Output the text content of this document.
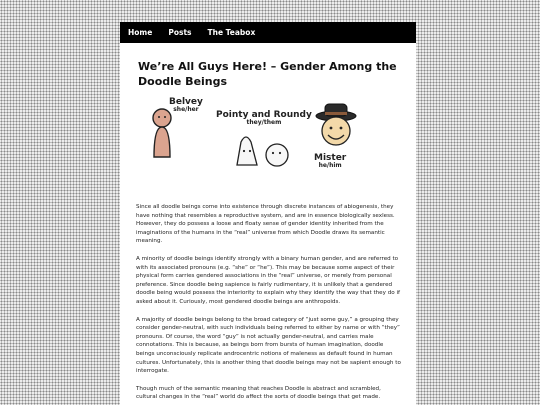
Home Posts The Teabox
We’re All Guys Here! – Gender Among the Doodle Beings
Belvey
she/her
Pointy and Roundy
they/them
Mister
he/him

Since all doodle beings come into existence through discrete instances of abiogenesis, they have nothing that resembles a reproductive system, and are in essence biologically sexless. However, they do possess a loose and floaty sense of gender identity inherited from the imaginations of the humans in the “real” universe from which Doodle draws its semantic meaning.

A minority of doodle beings identify strongly with a binary human gender, and are referred to with its associated pronouns (e.g. “she” or “he”). This may be because some aspect of their physical form carries gendered associations in the “real” universe, or merely from personal preference. Since doodle being sapience is fairly rudimentary, it is unlikely that a gendered doodle being would possess the interiority to explain why they identify the way that they do if asked about it. Curiously, most gendered doodle beings are anthropoids.

A majority of doodle beings belong to the broad category of “just some guy,” a grouping they consider gender-neutral, with such individuals being referred to either by name or with “they” pronouns. Of course, the word “guy” is not actually gender-neutral, and carries male connotations. This is because, as beings born from bursts of human imagination, doodle beings unconsciously replicate androcentric notions of maleness as default found in human cultures. Unfortunately, this is another thing that doodle beings may not be sapient enough to interrogate.

Though much of the semantic meaning that reaches Doodle is abstract and scrambled, cultural changes in the “real” world do affect the sorts of doodle beings that get made.
